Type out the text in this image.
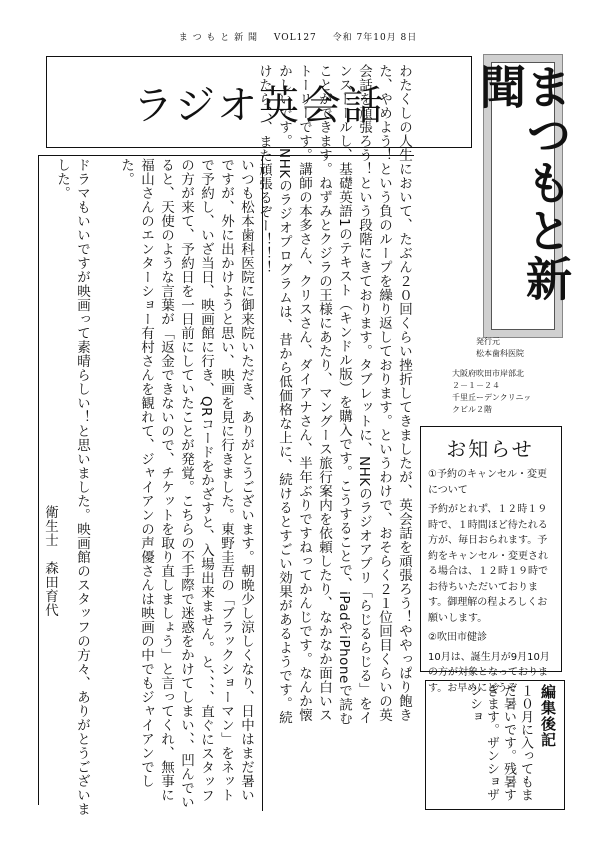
ま つ も と 新 聞 VOL127 令和 7年10月 8日
ラジオ英会話	まつもと新聞
わたくしの人生において、たぶん２０回くらい挫折してきましたが、英会話を頑張ろう！ややっぱり飽きた、やめよう！という負のループを繰り返しております。というわけで、おそらく２１位回目くらいの英会話を頑張ろう！という段階にきております。タブレットに、NHKのラジオアプリ「らじるらじる」をインストールし、基礎英語1のテキスト（キンドル版）を購入です。こうすることで、iPadやiPhoneで読むことができます。ねずみとクジラの王様にあたり、マングース旅行案内を依頼したり、なかなか面白いストーリーです。講師の本多さん、クリスさん、ダイアナさん、半年ぶりですねってかんじです。なんか懐かしいです。NHKのラジオプログラムは、昔から低価格な上に、続けるとすごい効果があるようです。続けたら、、、また頑張るぞー！！！
いつも松本歯科医院に御来院いただき、ありがとうございます。朝晩少し涼しくなり、日中はまだ暑いですが、外に出かけようと思い、映画を見に行きました。東野圭吾の「ブラックショーマン」をネットで予約し、いざ当日、映画館に行き、QRコードをかざすと、入場出来ません。と、、、、直ぐにスタッフの方が来て、予約日を一日前にしていたことが発覚。こちらの不手際で迷惑をかけてしまい、、凹んでいると、天使のような言葉が「返金できないので、チケットを取り直しましょう」と言ってくれ、無事に福山さんのエンターショー有村さんを観れて、ジャイアンの声優さんは映画の中でもジャイアンでした。
ドラマもいいですが映画って素晴らしい！と思いました。映画館のスタッフの方々、ありがとうございました。
衛生士　森田育代
発行元
松本歯科医院
大阪府吹田市岸部北
２－１－２４
千里丘ーデンクリニッ
クビル２階
お知らせ

①予約のキャンセル・変更について

予約がとれず、１２時１９時で、１時間ほど待たれる方が、毎日おられます。予約をキャンセル・変更される場合は、１２時１９時で お待ちいただいております。御理解の程よろしくお願いします。

②吹田市健診

10月は、誕生月が9月10月の方が対象となっております。お早めにどうぞ	編集後記
１０月に入ってもまだ暑いです。残暑すぎます。ザンショザンショ
